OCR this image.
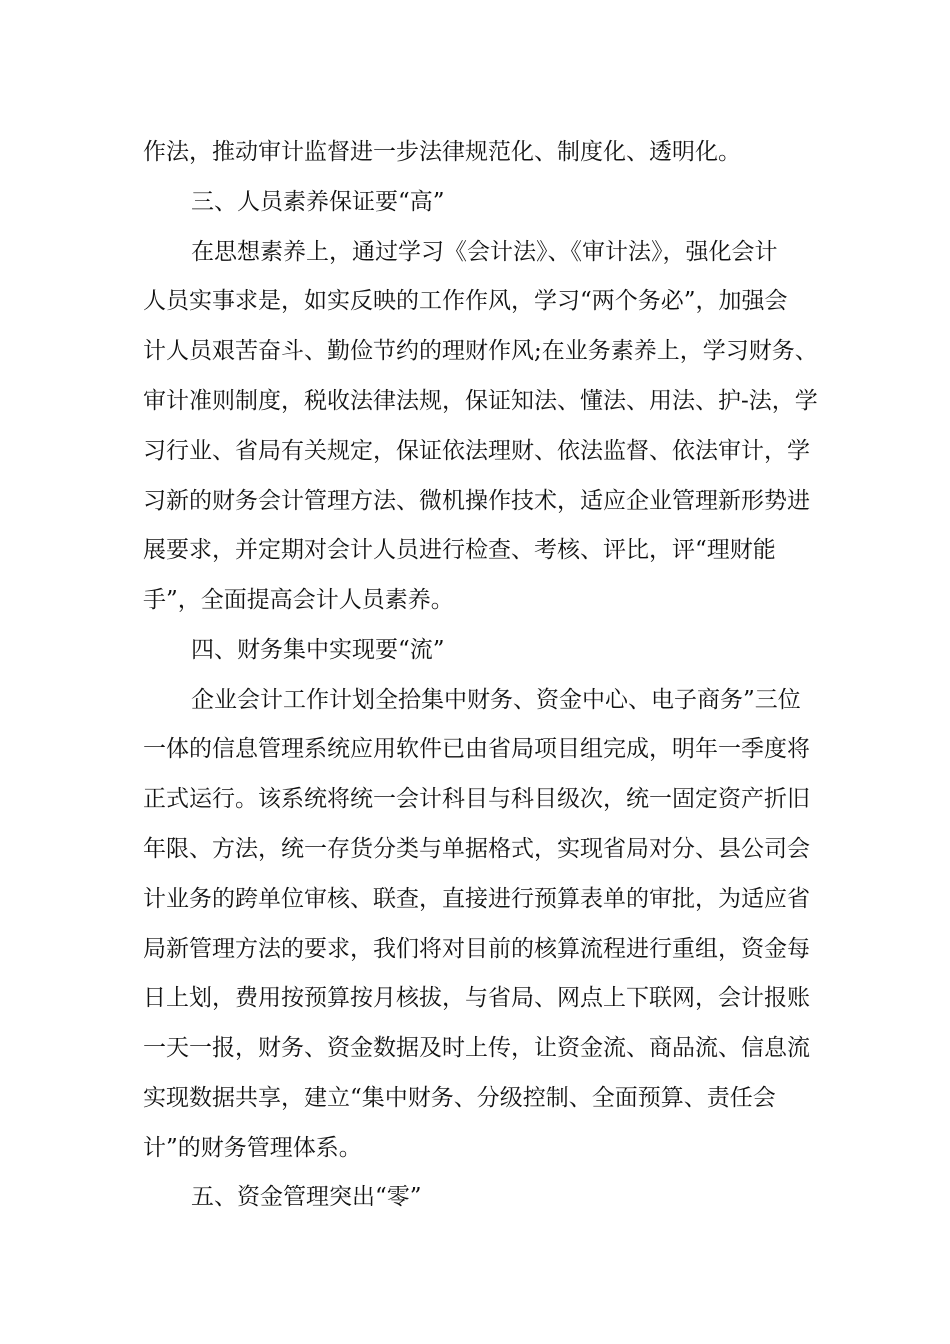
作法，推动审计监督进一步法律规范化、制度化、透明化。
三、人员素养保证要“高”
在思想素养上，通过学习《会计法》、《审计法》，强化会计
人员实事求是，如实反映的工作作风，学习“两个务必”，加强会
计人员艰苦奋斗、勤俭节约的理财作风;在业务素养上，学习财务、
审计准则制度，税收法律法规，保证知法、懂法、用法、护-法，学
习行业、省局有关规定，保证依法理财、依法监督、依法审计，学
习新的财务会计管理方法、微机操作技术，适应企业管理新形势进
展要求，并定期对会计人员进行检查、考核、评比，评“理财能
手”，全面提高会计人员素养。
四、财务集中实现要“流”
企业会计工作计划全拾集中财务、资金中心、电子商务”三位
一体的信息管理系统应用软件已由省局项目组完成，明年一季度将
正式运行。该系统将统一会计科目与科目级次，统一固定资产折旧
年限、方法，统一存货分类与单据格式，实现省局对分、县公司会
计业务的跨单位审核、联查，直接进行预算表单的审批，为适应省
局新管理方法的要求，我们将对目前的核算流程进行重组，资金每
日上划，费用按预算按月核拔，与省局、网点上下联网，会计报账
一天一报，财务、资金数据及时上传，让资金流、商品流、信息流
实现数据共享，建立“集中财务、分级控制、全面预算、责任会
计”的财务管理体系。
五、资金管理突出“零”
